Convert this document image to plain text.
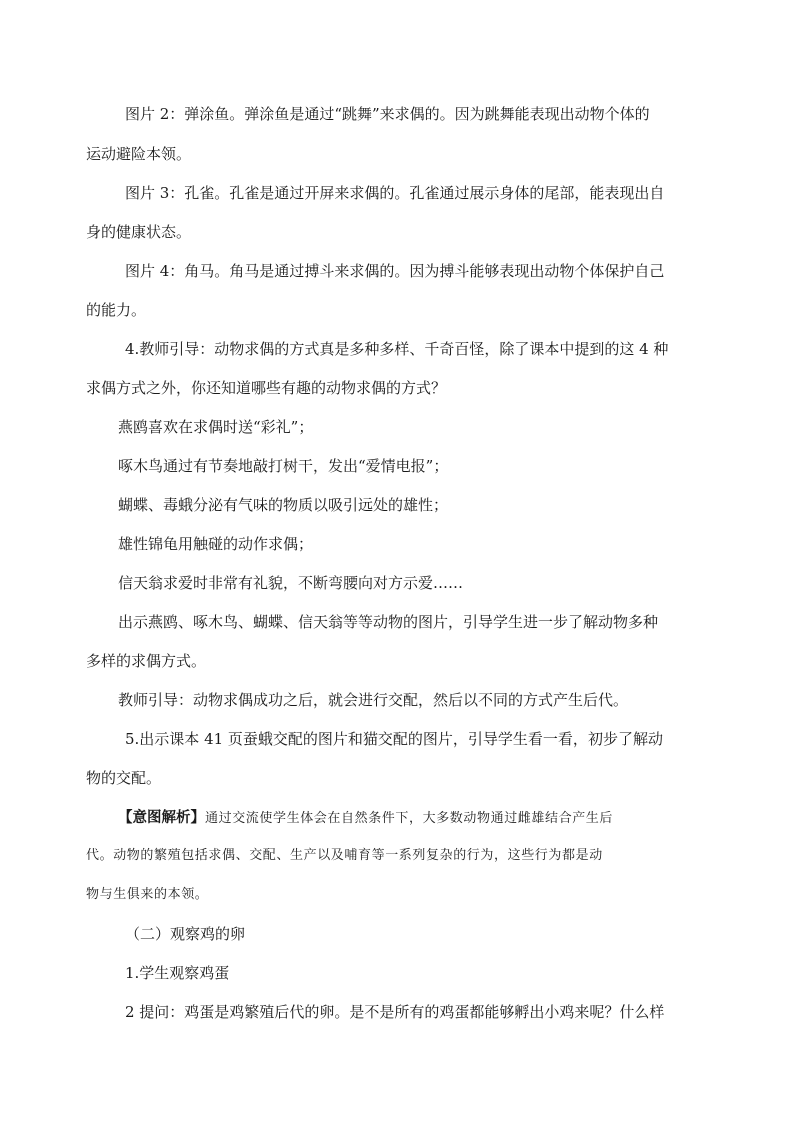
图片 2：弹涂鱼。弹涂鱼是通过“跳舞”来求偶的。因为跳舞能表现出动物个体的

运动避险本领。

图片 3：孔雀。孔雀是通过开屏来求偶的。孔雀通过展示身体的尾部，能表现出自

身的健康状态。

图片 4：角马。角马是通过搏斗来求偶的。因为搏斗能够表现出动物个体保护自己

的能力。

4.教师引导：动物求偶的方式真是多种多样、千奇百怪，除了课本中提到的这 4 种

求偶方式之外，你还知道哪些有趣的动物求偶的方式？

燕鸥喜欢在求偶时送“彩礼”；

啄木鸟通过有节奏地敲打树干，发出“爱情电报”；

蝴蝶、毒蛾分泌有气味的物质以吸引远处的雄性；

雄性锦龟用触碰的动作求偶；

信天翁求爱时非常有礼貌，不断弯腰向对方示爱……

出示燕鸥、啄木鸟、蝴蝶、信天翁等等动物的图片，引导学生进一步了解动物多种

多样的求偶方式。

教师引导：动物求偶成功之后，就会进行交配，然后以不同的方式产生后代。

5.出示课本 41 页蚕蛾交配的图片和猫交配的图片，引导学生看一看，初步了解动

物的交配。

【意图解析】通过交流使学生体会在自然条件下，大多数动物通过雌雄结合产生后

代。动物的繁殖包括求偶、交配、生产以及哺育等一系列复杂的行为，这些行为都是动

物与生俱来的本领。

（二）观察鸡的卵

1.学生观察鸡蛋

2 提问：鸡蛋是鸡繁殖后代的卵。是不是所有的鸡蛋都能够孵出小鸡来呢？什么样
